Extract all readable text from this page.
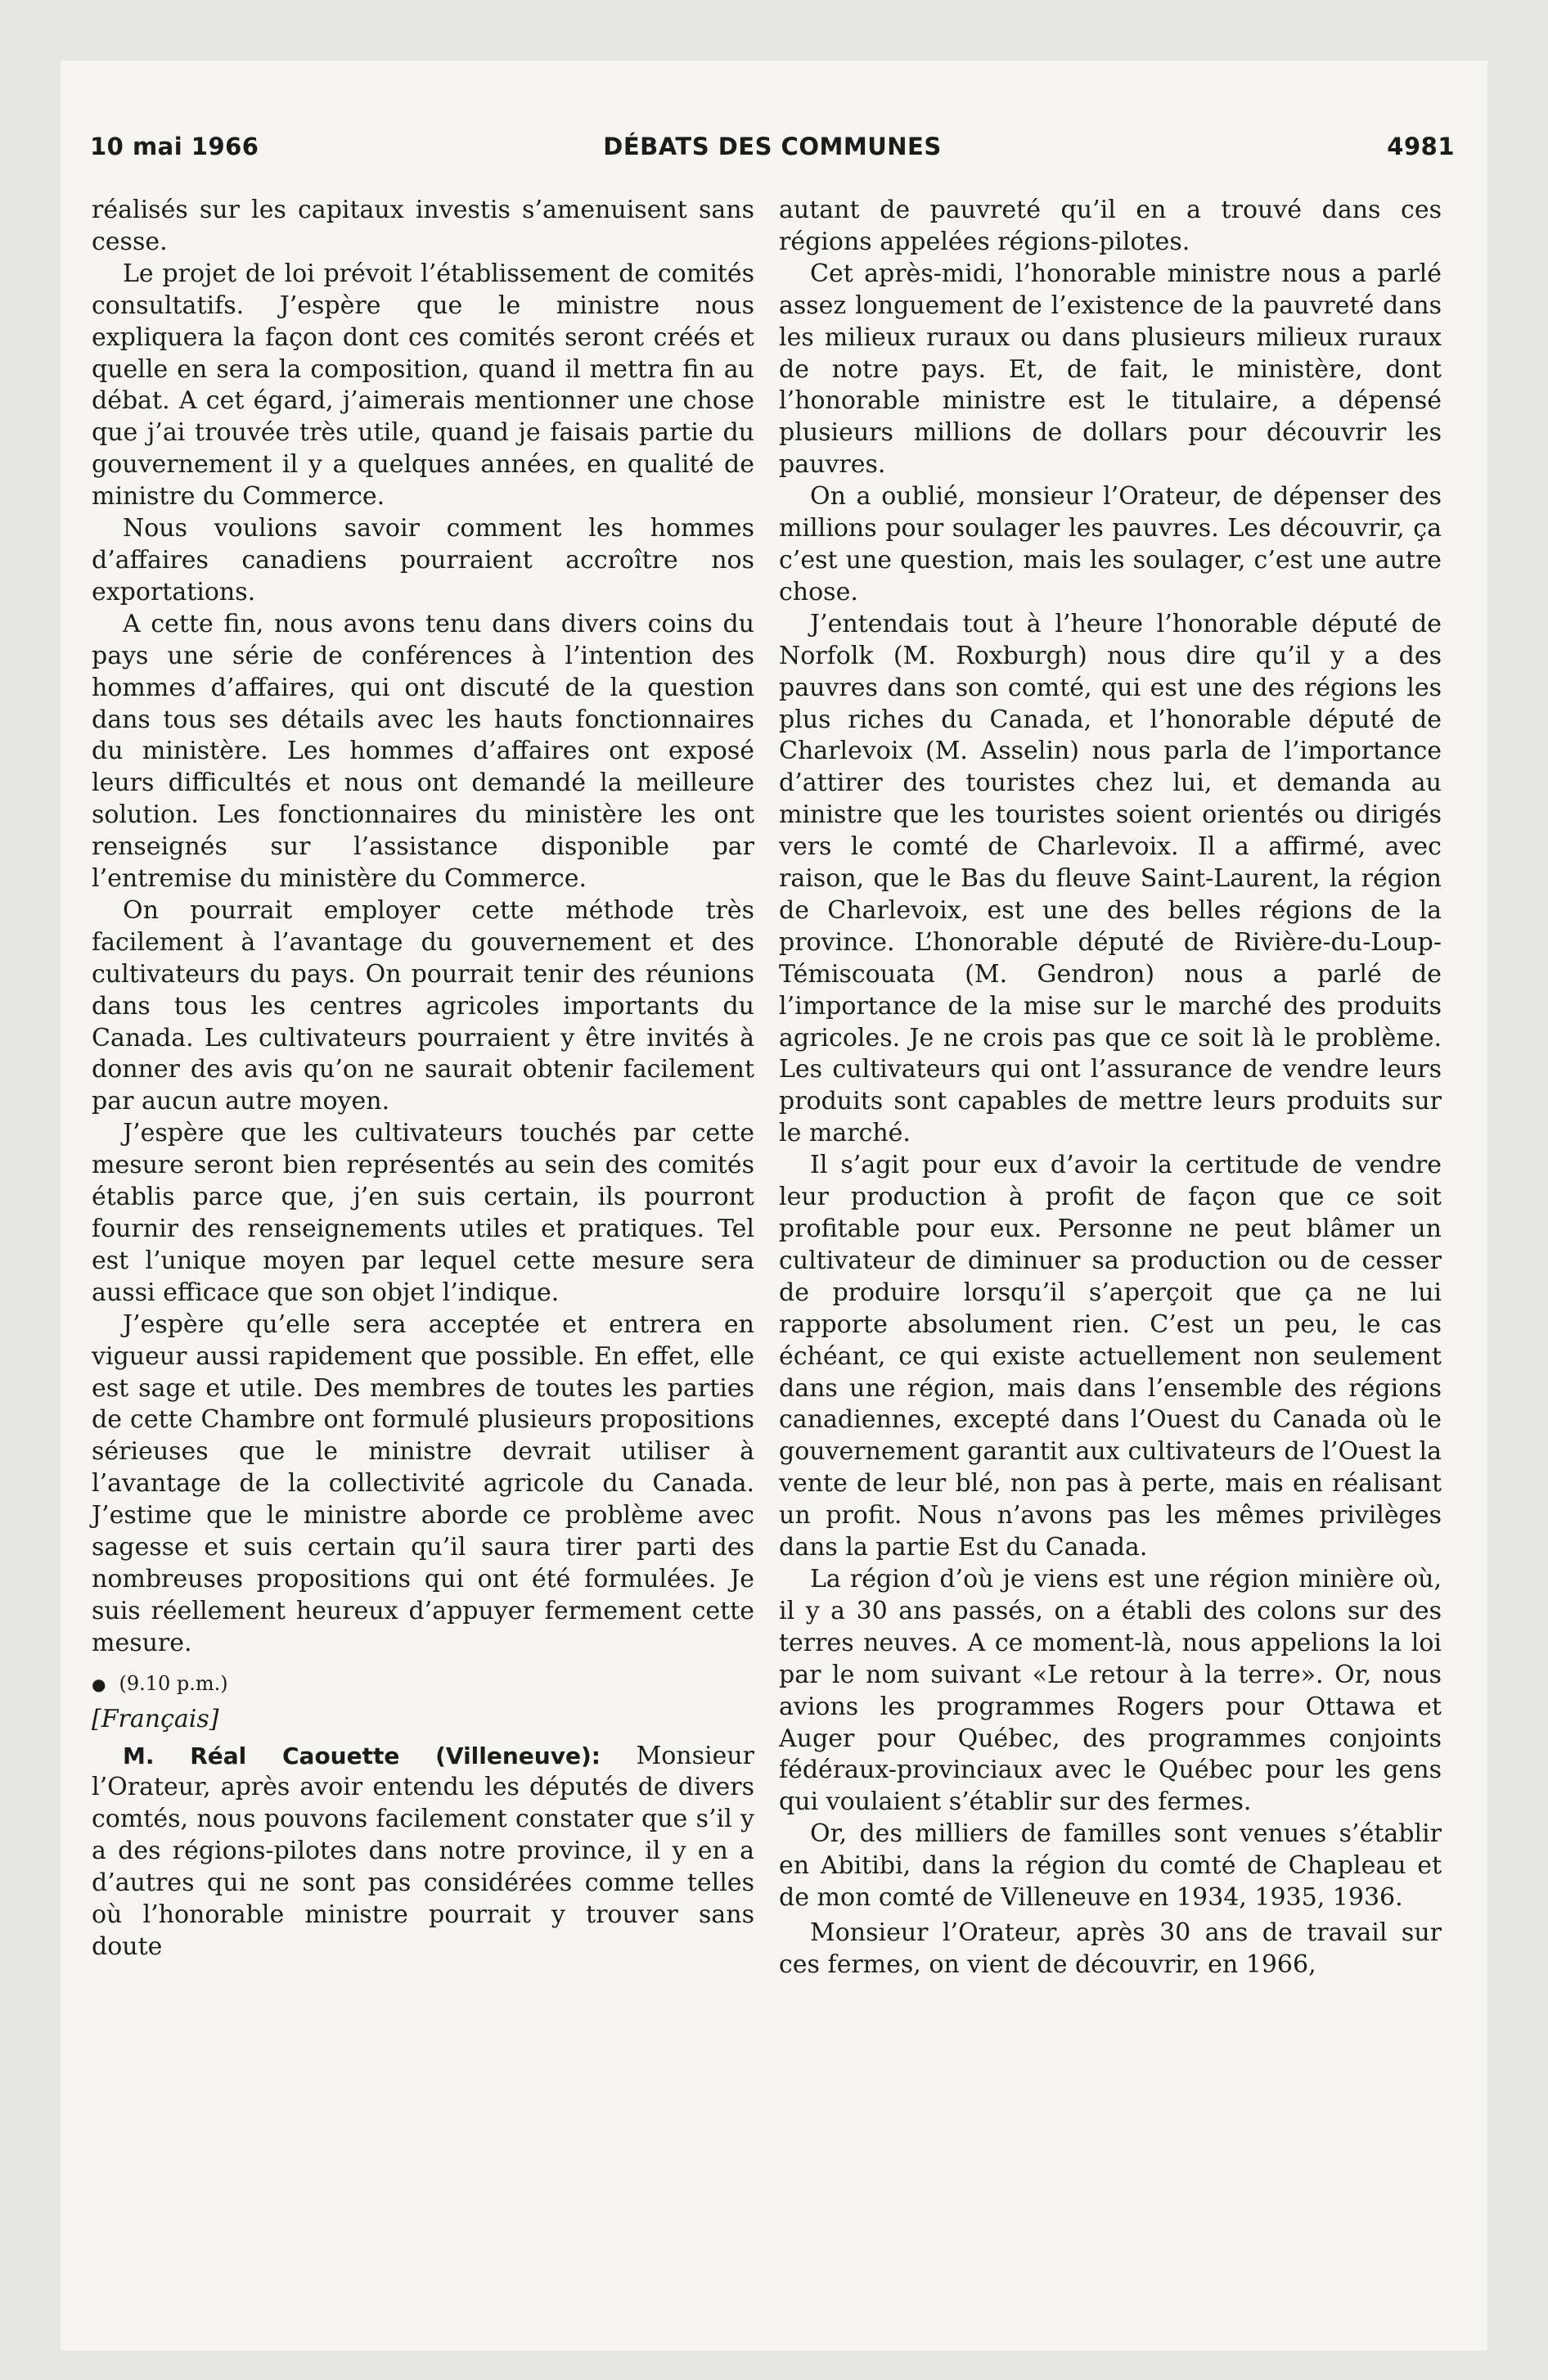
10 mai 1966	DÉBATS DES COMMUNES	4981

réalisés sur les capitaux investis s’amenuisent sans cesse.

Le projet de loi prévoit l’établissement de comités consultatifs. J’espère que le ministre nous expliquera la façon dont ces comités seront créés et quelle en sera la composition, quand il mettra fin au débat. A cet égard, j’aimerais mentionner une chose que j’ai trouvée très utile, quand je faisais partie du gouvernement il y a quelques années, en qualité de ministre du Commerce.

Nous voulions savoir comment les hommes d’affaires canadiens pourraient accroître nos exportations.

A cette fin, nous avons tenu dans divers coins du pays une série de conférences à l’intention des hommes d’affaires, qui ont discuté de la question dans tous ses détails avec les hauts fonctionnaires du ministère. Les hommes d’affaires ont exposé leurs difficultés et nous ont demandé la meilleure solution. Les fonctionnaires du ministère les ont renseignés sur l’assistance disponible par l’entremise du ministère du Commerce.

On pourrait employer cette méthode très facilement à l’avantage du gouvernement et des cultivateurs du pays. On pourrait tenir des réunions dans tous les centres agricoles importants du Canada. Les cultivateurs pourraient y être invités à donner des avis qu’on ne saurait obtenir facilement par aucun autre moyen.

J’espère que les cultivateurs touchés par cette mesure seront bien représentés au sein des comités établis parce que, j’en suis certain, ils pourront fournir des renseignements utiles et pratiques. Tel est l’unique moyen par lequel cette mesure sera aussi efficace que son objet l’indique.

J’espère qu’elle sera acceptée et entrera en vigueur aussi rapidement que possible. En effet, elle est sage et utile. Des membres de toutes les parties de cette Chambre ont formulé plusieurs propositions sérieuses que le ministre devrait utiliser à l’avantage de la collectivité agricole du Canada. J’estime que le ministre aborde ce problème avec sagesse et suis certain qu’il saura tirer parti des nombreuses propositions qui ont été formulées. Je suis réellement heureux d’appuyer fermement cette mesure.

● (9.10 p.m.)

[Français]

M. Réal Caouette (Villeneuve): Monsieur l’Orateur, après avoir entendu les députés de divers comtés, nous pouvons facilement constater que s’il y a des régions-pilotes dans notre province, il y en a d’autres qui ne sont pas considérées comme telles où l’honorable ministre pourrait y trouver sans doute

autant de pauvreté qu’il en a trouvé dans ces régions appelées régions-pilotes.

Cet après-midi, l’honorable ministre nous a parlé assez longuement de l’existence de la pauvreté dans les milieux ruraux ou dans plusieurs milieux ruraux de notre pays. Et, de fait, le ministère, dont l’honorable ministre est le titulaire, a dépensé plusieurs millions de dollars pour découvrir les pauvres.

On a oublié, monsieur l’Orateur, de dépenser des millions pour soulager les pauvres. Les découvrir, ça c’est une question, mais les soulager, c’est une autre chose.

J’entendais tout à l’heure l’honorable député de Norfolk (M. Roxburgh) nous dire qu’il y a des pauvres dans son comté, qui est une des régions les plus riches du Canada, et l’honorable député de Charlevoix (M. Asselin) nous parla de l’importance d’attirer des touristes chez lui, et demanda au ministre que les touristes soient orientés ou dirigés vers le comté de Charlevoix. Il a affirmé, avec raison, que le Bas du fleuve Saint-Laurent, la région de Charlevoix, est une des belles régions de la province. L’honorable député de Rivière-du-Loup-Témiscouata (M. Gendron) nous a parlé de l’importance de la mise sur le marché des produits agricoles. Je ne crois pas que ce soit là le problème. Les cultivateurs qui ont l’assurance de vendre leurs produits sont capables de mettre leurs produits sur le marché.

Il s’agit pour eux d’avoir la certitude de vendre leur production à profit de façon que ce soit profitable pour eux. Personne ne peut blâmer un cultivateur de diminuer sa production ou de cesser de produire lorsqu’il s’aperçoit que ça ne lui rapporte absolument rien. C’est un peu, le cas échéant, ce qui existe actuellement non seulement dans une région, mais dans l’ensemble des régions canadiennes, excepté dans l’Ouest du Canada où le gouvernement garantit aux cultivateurs de l’Ouest la vente de leur blé, non pas à perte, mais en réalisant un profit. Nous n’avons pas les mêmes privilèges dans la partie Est du Canada.

La région d’où je viens est une région minière où, il y a 30 ans passés, on a établi des colons sur des terres neuves. A ce moment-là, nous appelions la loi par le nom suivant «Le retour à la terre». Or, nous avions les programmes Rogers pour Ottawa et Auger pour Québec, des programmes conjoints fédéraux-provinciaux avec le Québec pour les gens qui voulaient s’établir sur des fermes.

Or, des milliers de familles sont venues s’établir en Abitibi, dans la région du comté de Chapleau et de mon comté de Villeneuve en 1934, 1935, 1936.

Monsieur l’Orateur, après 30 ans de travail sur ces fermes, on vient de découvrir, en 1966,
